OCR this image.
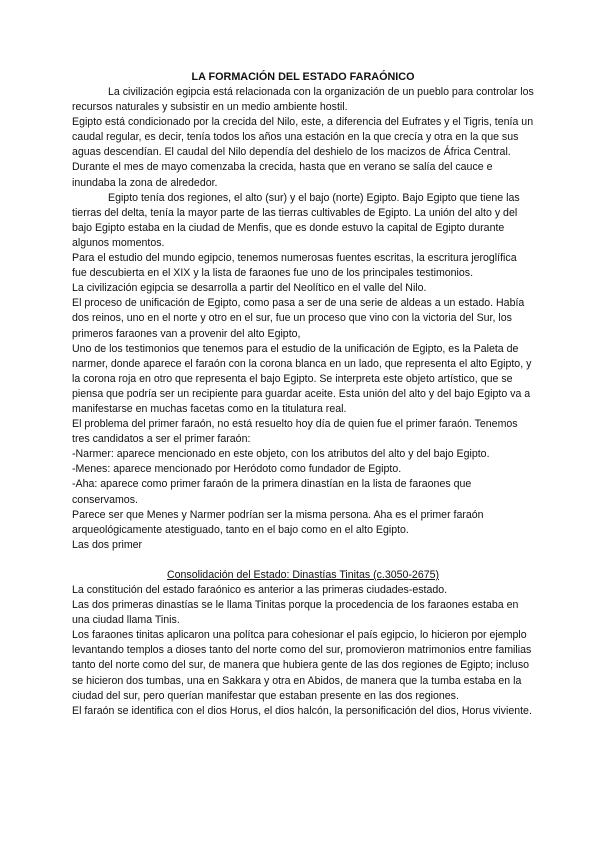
LA FORMACIÓN DEL ESTADO FARAÓNICO

La civilización egipcia está relacionada con la organización de un pueblo para controlar los recursos naturales y subsistir en un medio ambiente hostil.

Egipto está condicionado por la crecida del Nilo, este, a diferencia del Eufrates y el Tigris, tenía un caudal regular, es decir, tenía todos los años una estación en la que crecía y otra en la que sus aguas descendían. El caudal del Nilo dependía del deshielo de los macizos de África Central. Durante el mes de mayo comenzaba la crecida, hasta que en verano se salía del cauce e inundaba la zona de alrededor.

Egipto tenía dos regiones, el alto (sur) y el bajo (norte) Egipto. Bajo Egipto que tiene las tierras del delta, tenía la mayor parte de las tierras cultivables de Egipto. La unión del alto y del bajo Egipto estaba en la ciudad de Menfis, que es donde estuvo la capital de Egipto durante algunos momentos.

Para el estudio del mundo egipcio, tenemos numerosas fuentes escritas, la escritura jeroglífica fue descubierta en el XIX y la lista de faraones fue uno de los principales testimonios.

La civilización egipcia se desarrolla a partir del Neolítico en el valle del Nilo.

El proceso de unificación de Egipto, como pasa a ser de una serie de aldeas a un estado. Había dos reinos, uno en el norte y otro en el sur, fue un proceso que vino con la victoria del Sur, los primeros faraones van a provenir del alto Egipto,

Uno de los testimonios que tenemos para el estudio de la unificación de Egipto, es la Paleta de narmer, donde aparece el faraón con la corona blanca en un lado, que representa el alto Egipto, y la corona roja en otro que representa el bajo Egipto. Se interpreta este objeto artístico, que se piensa que podría ser un recipiente para guardar aceite. Esta unión del alto y del bajo Egipto va a manifestarse en muchas facetas como en la titulatura real.

El problema del primer faraón, no está resuelto hoy día de quien fue el primer faraón. Tenemos tres candidatos a ser el primer faraón:

-Narmer: aparece mencionado en este objeto, con los atributos del alto y del bajo Egipto.

-Menes: aparece mencionado por Heródoto como fundador de Egipto.

-Aha: aparece como primer faraón de la primera dinastían en la lista de faraones que conservamos.

Parece ser que Menes y Narmer podrían ser la misma persona. Aha es el primer faraón arqueológicamente atestiguado, tanto en el bajo como en el alto Egipto.

Las dos primer

Consolidación del Estado: Dinastías Tinitas (c.3050-2675)

La constitución del estado faraónico es anterior a las primeras ciudades-estado.

Las dos primeras dinastías se le llama Tinitas porque la procedencia de los faraones estaba en una ciudad llama Tinis.

Los faraones tinitas aplicaron una polítca para cohesionar el país egipcio, lo hicieron por ejemplo levantando templos a dioses tanto del norte como del sur, promovieron matrimonios entre familias tanto del norte como del sur, de manera que hubiera gente de las dos regiones de Egipto; incluso se hicieron dos tumbas, una en Sakkara y otra en Abidos, de manera que la tumba estaba en la ciudad del sur, pero querían manifestar que estaban presente en las dos regiones.

El faraón se identifica con el dios Horus, el dios halcón, la personificación del dios, Horus viviente.
